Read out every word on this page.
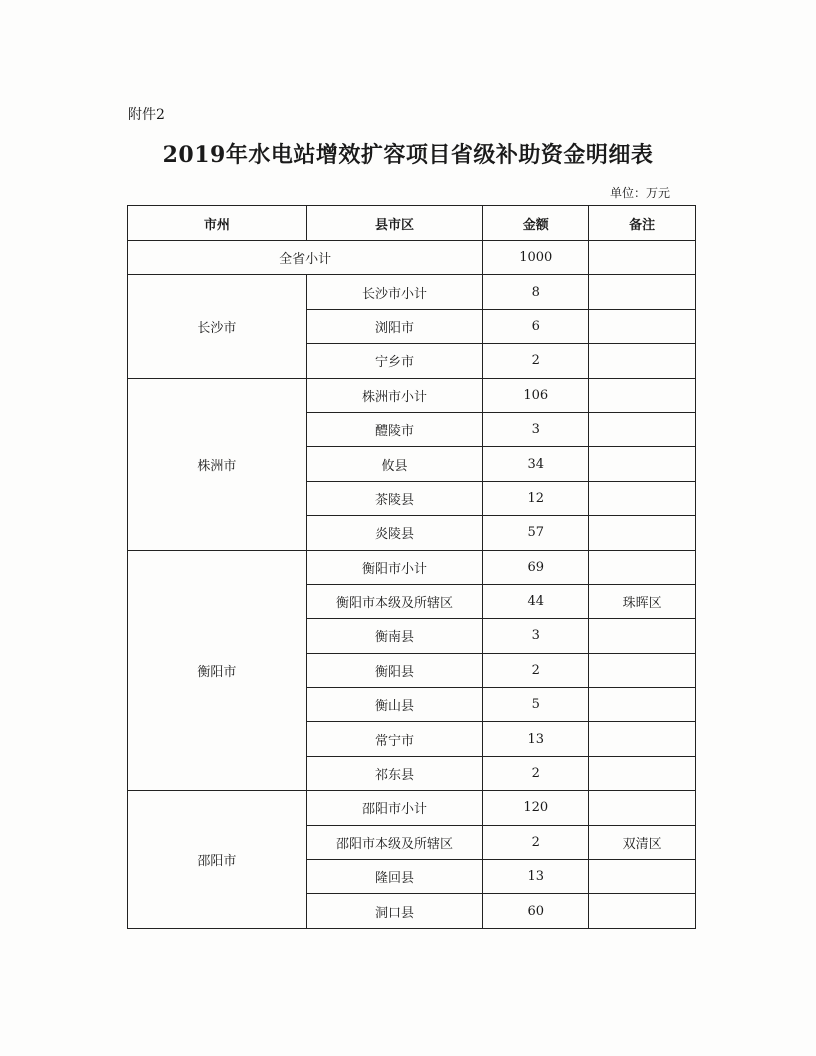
附件2
2019年水电站增效扩容项目省级补助资金明细表
单位：万元
市州	县市区	金额	备注
全省小计		1000	
长沙市	长沙市小计	8	
	浏阳市	6	
	宁乡市	2	
株洲市	株洲市小计	106	
	醴陵市	3	
	攸县	34	
	茶陵县	12	
	炎陵县	57	
衡阳市	衡阳市小计	69	
	衡阳市本级及所辖区	44	珠晖区
	衡南县	3	
	衡阳县	2	
	衡山县	5	
	常宁市	13	
	祁东县	2	
邵阳市	邵阳市小计	120	
	邵阳市本级及所辖区	2	双清区
	隆回县	13	
	洞口县	60	
